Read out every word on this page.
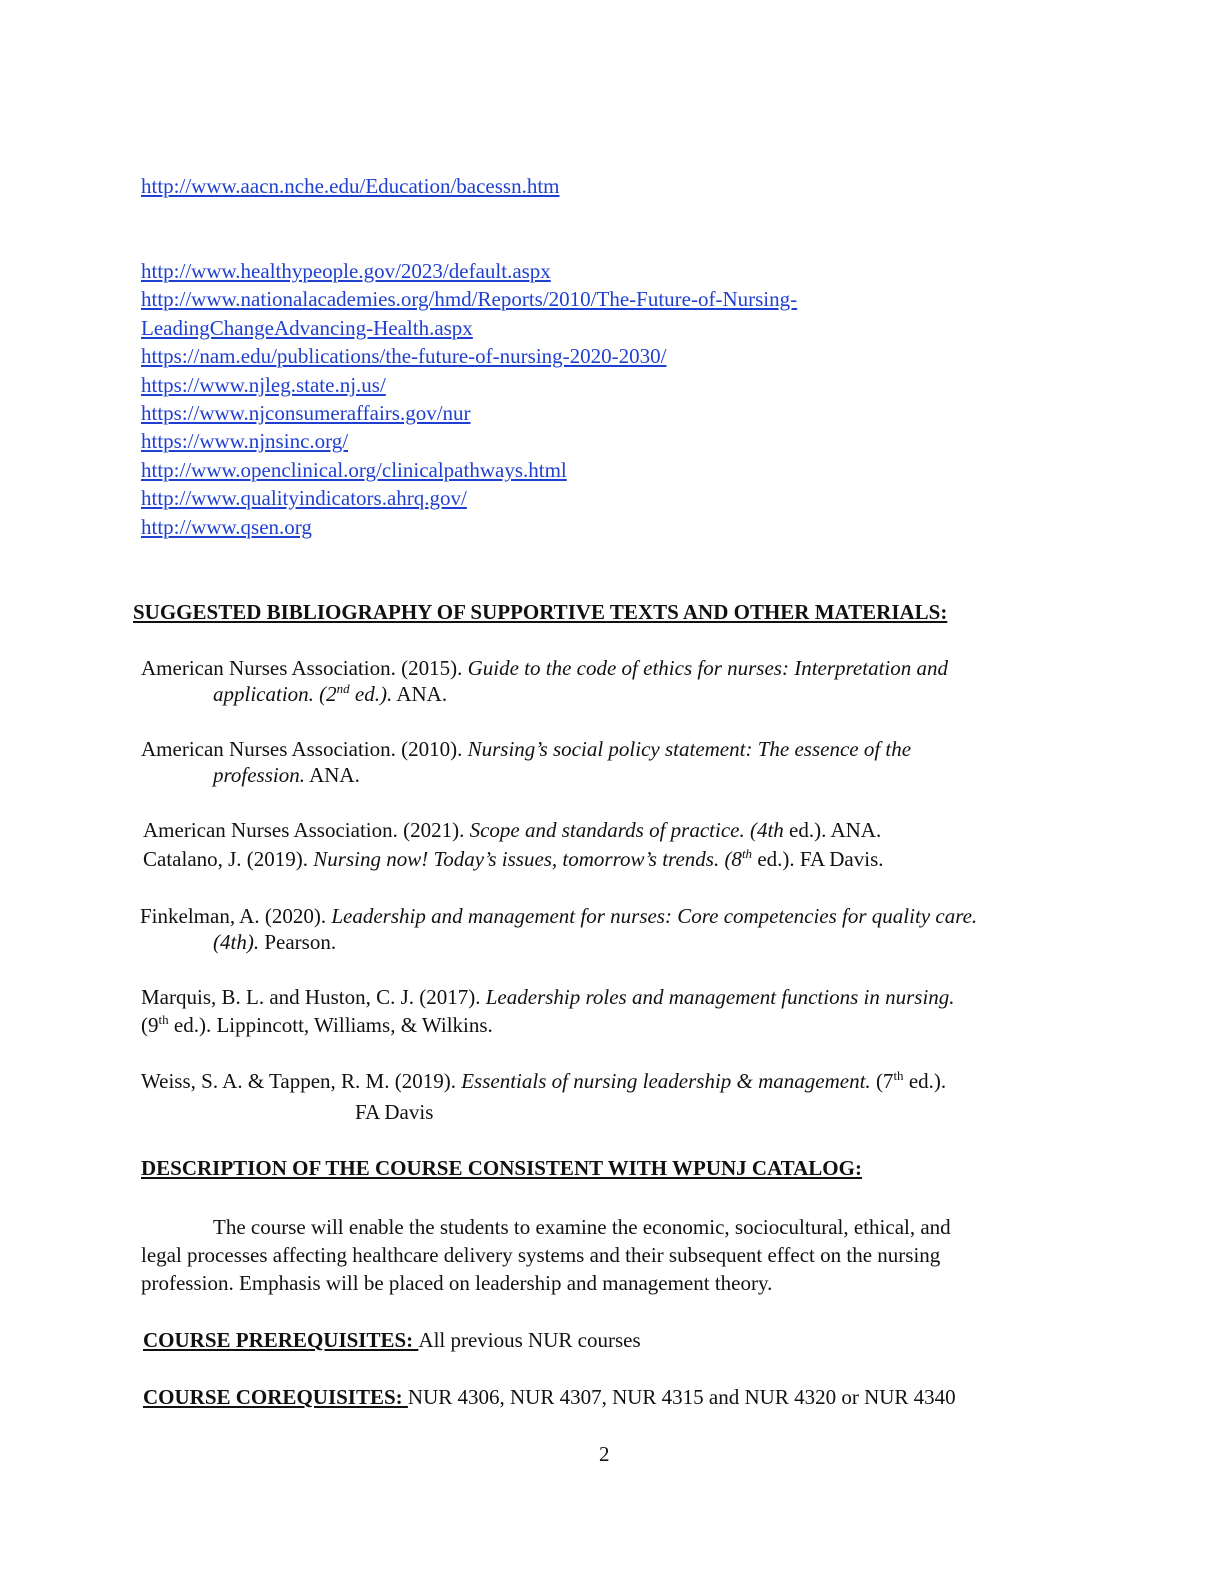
http://www.aacn.nche.edu/Education/bacessn.htm
http://www.healthypeople.gov/2023/default.aspx
http://www.nationalacademies.org/hmd/Reports/2010/The-Future-of-Nursing-
LeadingChangeAdvancing-Health.aspx
https://nam.edu/publications/the-future-of-nursing-2020-2030/
https://www.njleg.state.nj.us/
https://www.njconsumeraffairs.gov/nur
https://www.njnsinc.org/
http://www.openclinical.org/clinicalpathways.html
http://www.qualityindicators.ahrq.gov/
http://www.qsen.org
SUGGESTED BIBLIOGRAPHY OF SUPPORTIVE TEXTS AND OTHER MATERIALS:
American Nurses Association. (2015). Guide to the code of ethics for nurses: Interpretation and
application. (2nd ed.). ANA.
American Nurses Association. (2010). Nursing’s social policy statement: The essence of the
profession. ANA.
American Nurses Association. (2021). Scope and standards of practice. (4th ed.). ANA.
Catalano, J. (2019). Nursing now! Today’s issues, tomorrow’s trends. (8th ed.). FA Davis.
Finkelman, A. (2020). Leadership and management for nurses: Core competencies for quality care.
(4th). Pearson.
Marquis, B. L. and Huston, C. J. (2017). Leadership roles and management functions in nursing.
(9th ed.). Lippincott, Williams, & Wilkins.
Weiss, S. A. & Tappen, R. M. (2019). Essentials of nursing leadership & management. (7th ed.).
FA Davis
DESCRIPTION OF THE COURSE CONSISTENT WITH WPUNJ CATALOG:
The course will enable the students to examine the economic, sociocultural, ethical, and
legal processes affecting healthcare delivery systems and their subsequent effect on the nursing
profession. Emphasis will be placed on leadership and management theory.
COURSE PREREQUISITES: All previous NUR courses
COURSE COREQUISITES: NUR 4306, NUR 4307, NUR 4315 and NUR 4320 or NUR 4340
2
